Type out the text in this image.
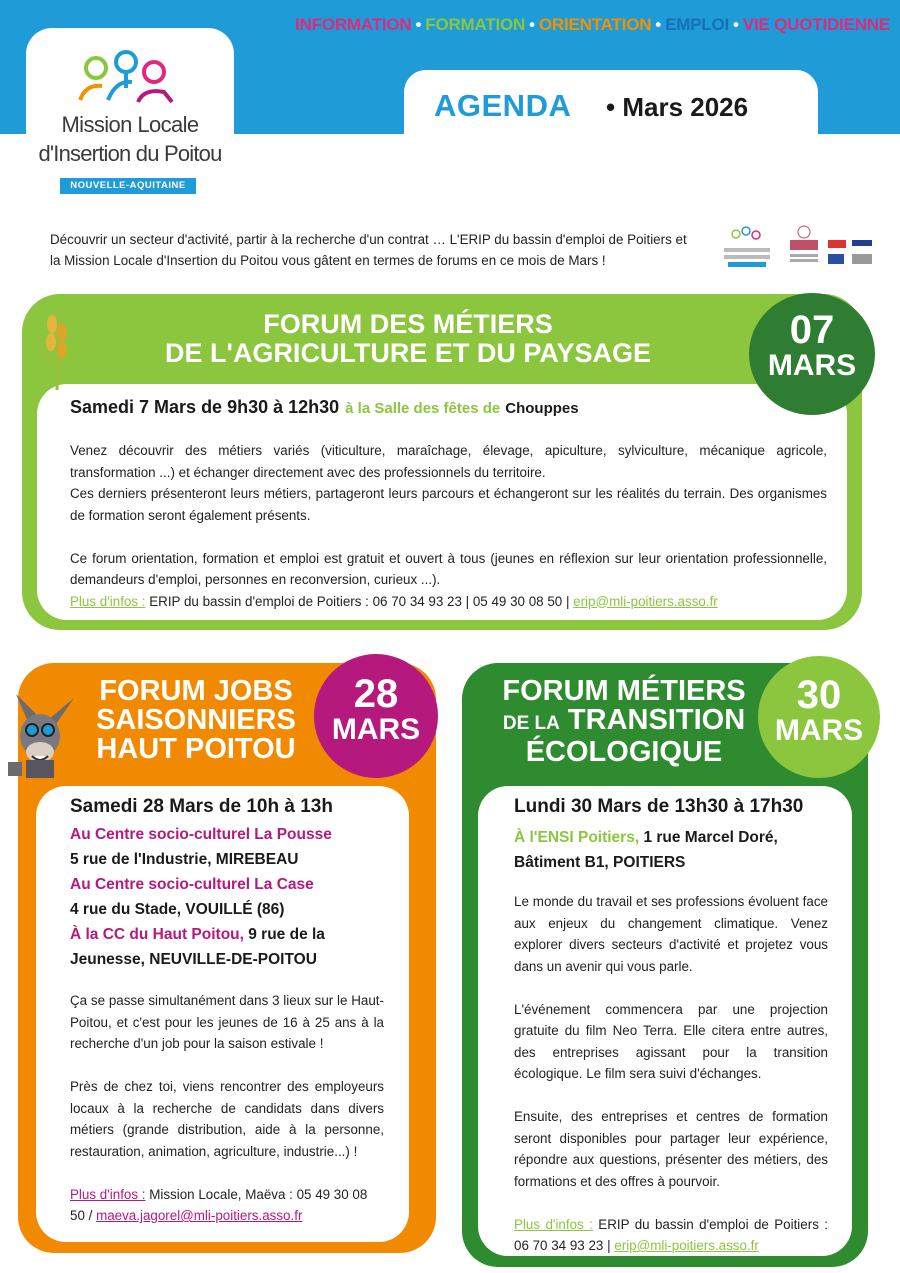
INFORMATION • FORMATION • ORIENTATION • EMPLOI • VIE QUOTIDIENNE
AGENDA • Mars 2026
Mission Locale
d'Insertion du Poitou
NOUVELLE-AQUITAINE
Découvrir un secteur d'activité, partir à la recherche d'un contrat … L'ERIP du bassin d'emploi de Poitiers et la Mission Locale d'Insertion du Poitou vous gâtent en termes de forums en ce mois de Mars !
FORUM DES MÉTIERS
DE L'AGRICULTURE ET DU PAYSAGE
07
MARS
Samedi 7 Mars de 9h30 à 12h30 à la Salle des fêtes de Chouppes

Venez découvrir des métiers variés (viticulture, maraîchage, élevage, apiculture, sylviculture, mécanique agricole, transformation ...) et échanger directement avec des professionnels du territoire.

Ces derniers présenteront leurs métiers, partageront leurs parcours et échangeront sur les réalités du terrain. Des organismes de formation seront également présents.

Ce forum orientation, formation et emploi est gratuit et ouvert à tous (jeunes en réflexion sur leur orientation professionnelle, demandeurs d'emploi, personnes en reconversion, curieux ...).

Plus d'infos : ERIP du bassin d'emploi de Poitiers : 06 70 34 93 23 | 05 49 30 08 50 | erip@mli-poitiers.asso.fr

FORUM JOBS
SAISONNIERS
HAUT POITOU
28
MARS
Samedi 28 Mars de 10h à 13h
Au Centre socio-culturel La Pousse
5 rue de l'Industrie, MIREBEAU
Au Centre socio-culturel La Case
4 rue du Stade, VOUILLÉ (86)
À la CC du Haut Poitou, 9 rue de la Jeunesse, NEUVILLE-DE-POITOU

Ça se passe simultanément dans 3 lieux sur le Haut-Poitou, et c'est pour les jeunes de 16 à 25 ans à la recherche d'un job pour la saison estivale !

Près de chez toi, viens rencontrer des employeurs locaux à la recherche de candidats dans divers métiers (grande distribution, aide à la personne, restauration, animation, agriculture, industrie...) !

Plus d'infos : Mission Locale, Maëva : 05 49 30 08 50 / maeva.jagorel@mli-poitiers.asso.fr

FORUM MÉTIERS
DE LA TRANSITION
ÉCOLOGIQUE
30
MARS
Lundi 30 Mars de 13h30 à 17h30
À l'ENSI Poitiers, 1 rue Marcel Doré, Bâtiment B1, POITIERS

Le monde du travail et ses professions évoluent face aux enjeux du changement climatique. Venez explorer divers secteurs d'activité et projetez vous dans un avenir qui vous parle.

L'événement commencera par une projection gratuite du film Neo Terra. Elle citera entre autres, des entreprises agissant pour la transition écologique. Le film sera suivi d'échanges.

Ensuite, des entreprises et centres de formation seront disponibles pour partager leur expérience, répondre aux questions, présenter des métiers, des formations et des offres à pourvoir.

Plus d'infos : ERIP du bassin d'emploi de Poitiers : 06 70 34 93 23 | erip@mli-poitiers.asso.fr
